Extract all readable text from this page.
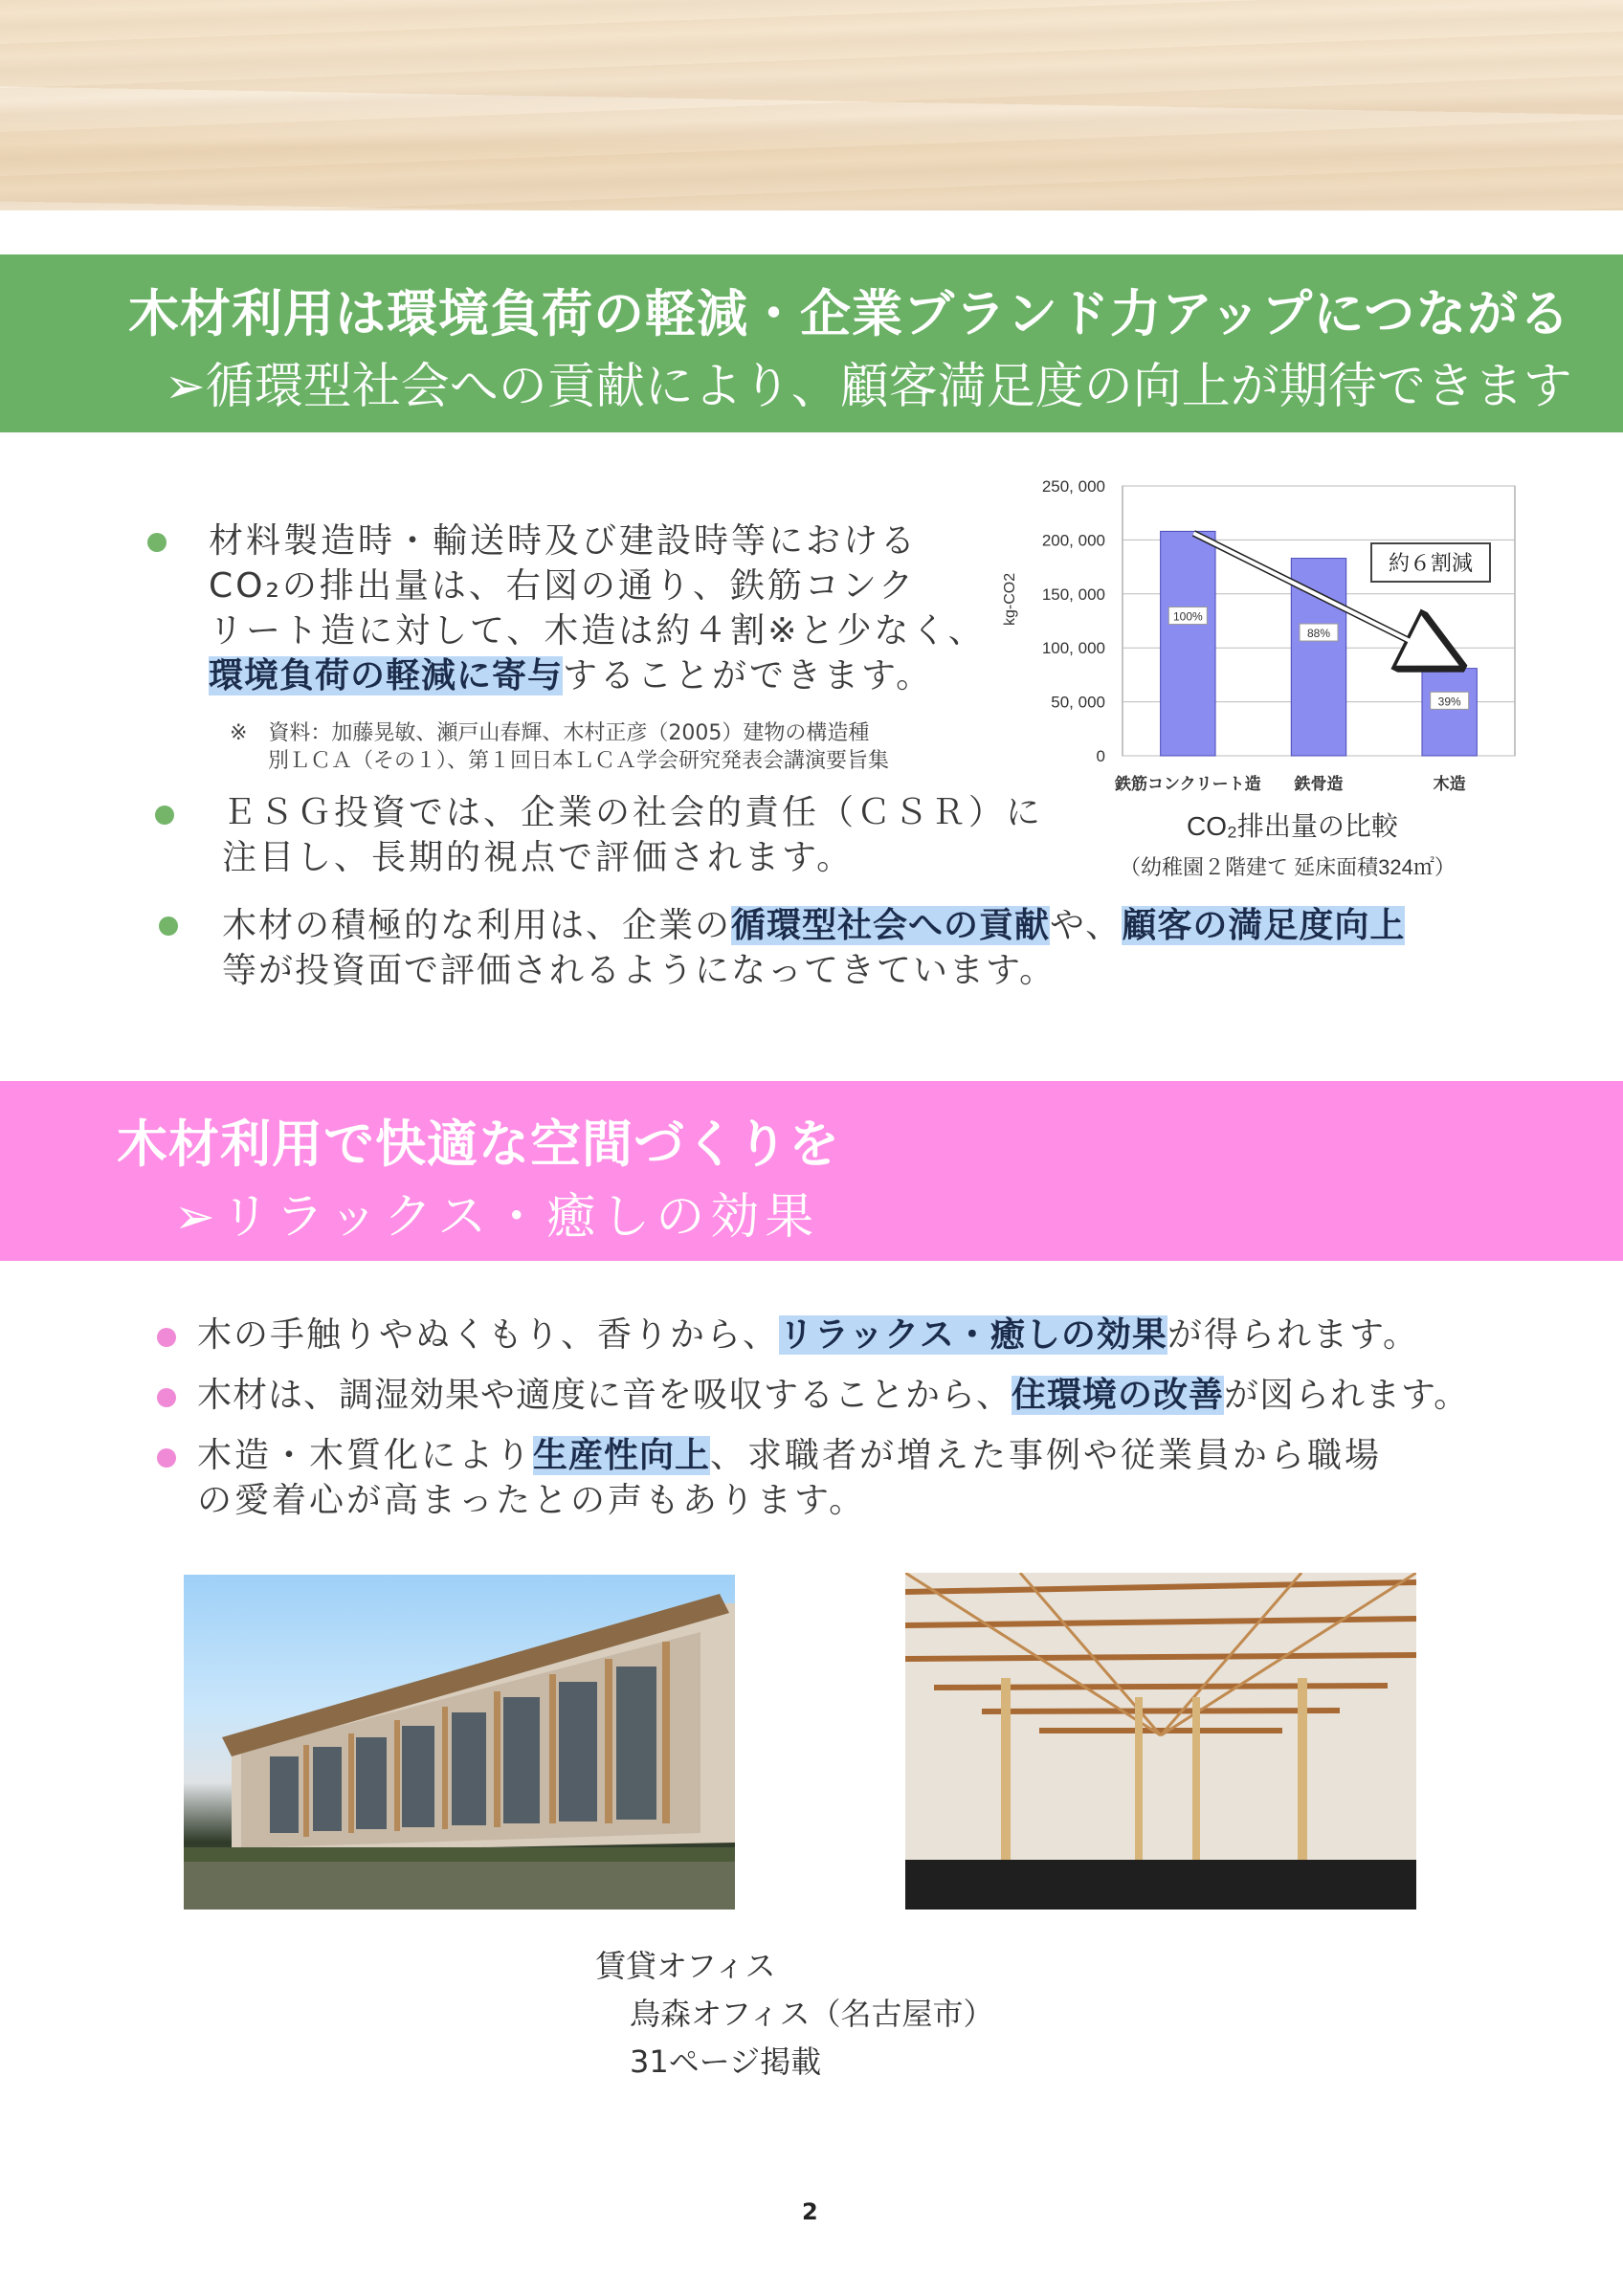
木材利用は環境負荷の軽減・企業ブランド力アップにつながる
➢循環型社会への貢献により、顧客満足度の向上が期待できます
材料製造時・輸送時及び建設時等における
CO₂の排出量は、右図の通り、鉄筋コンク
リート造に対して、木造は約４割※と少なく、
環境負荷の軽減に寄与することができます。
※　資料：加藤晃敏、瀬戸山春輝、木村正彦（2005）建物の構造種
別ＬＣＡ（その１）、第１回日本ＬＣＡ学会研究発表会講演要旨集
ＥＳＧ投資では、企業の社会的責任（ＣＳＲ）に
注目し、長期的視点で評価されます。
木材の積極的な利用は、企業の循環型社会への貢献や、顧客の満足度向上
等が投資面で評価されるようになってきています。
0
50, 000
100, 000
150, 000
200, 000
250, 000
kg-CO2	100%
88%
39%
鉄筋コンクリート造 鉄骨造	木造
約６割減
CO₂排出量の比較
（幼稚園２階建て 延床面積324㎡）
木材利用で快適な空間づくりを
➢リラックス・癒しの効果
木の手触りやぬくもり、香りから、リラックス・癒しの効果が得られます。
木材は、調湿効果や適度に音を吸収することから、住環境の改善が図られます。
木造・木質化により生産性向上、求職者が増えた事例や従業員から職場
の愛着心が高まったとの声もあります。
賃貸オフィス
鳥森オフィス（名古屋市）
31ページ掲載
2
